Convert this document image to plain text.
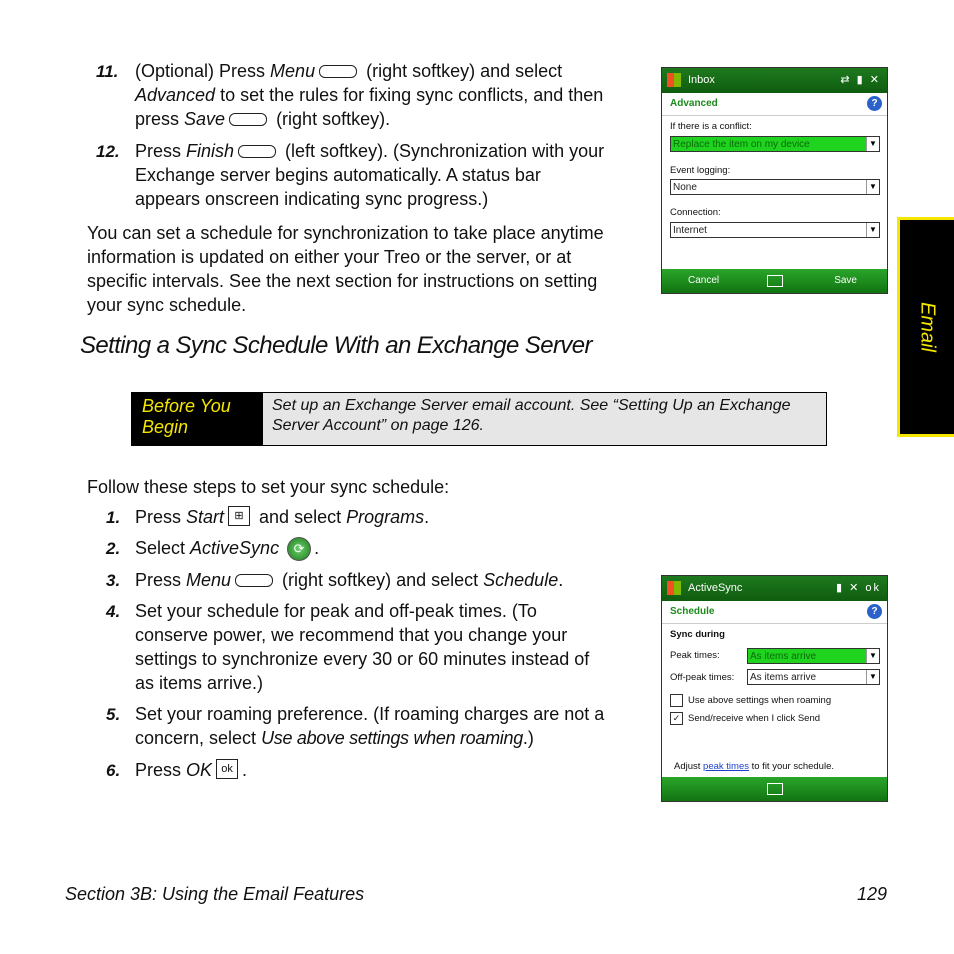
Email
11. (Optional) Press Menu	(right softkey) and select
Advanced to set the rules for fixing sync conflicts, and then
press Save	(right softkey).
12. Press Finish	(left softkey). (Synchronization with your
Exchange server begins automatically. A status bar
appears onscreen indicating sync progress.)
You can set a schedule for synchronization to take place anytime
information is updated on either your Treo or the server, or at
specific intervals. See the next section for instructions on setting
your sync schedule.
Setting a Sync Schedule With an Exchange Server
Before You
Begin
Set up an Exchange Server email account. See “Setting Up an Exchange
Server Account” on page 126.
Follow these steps to set your sync schedule:
1. Press Start ⊞ and select Programs.
2. Select ActiveSync ⟳ .
3. Press Menu	(right softkey) and select Schedule.
4. Set your schedule for peak and off-peak times. (To
conserve power, we recommend that you change your
settings to synchronize every 30 or 60 minutes instead of
as items arrive.)
5. Set your roaming preference. (If roaming charges are not a
concern, select Use above settings when roaming.)
6. Press OK ok .
Inbox	⇄ ▮ ✕
Advanced	?
If there is a conflict:
Replace the item on my device	▼
Event logging:
None	▼
Connection:
Internet	▼
Cancel	Save
ActiveSync	▮ ✕ ok
Schedule	?
Sync during
Peak times:	As items arrive	▼
Off-peak times:	As items arrive	▼
Use above settings when roaming
✓ Send/receive when I click Send
Adjust peak times to fit your schedule.
Section 3B: Using the Email Features	129
